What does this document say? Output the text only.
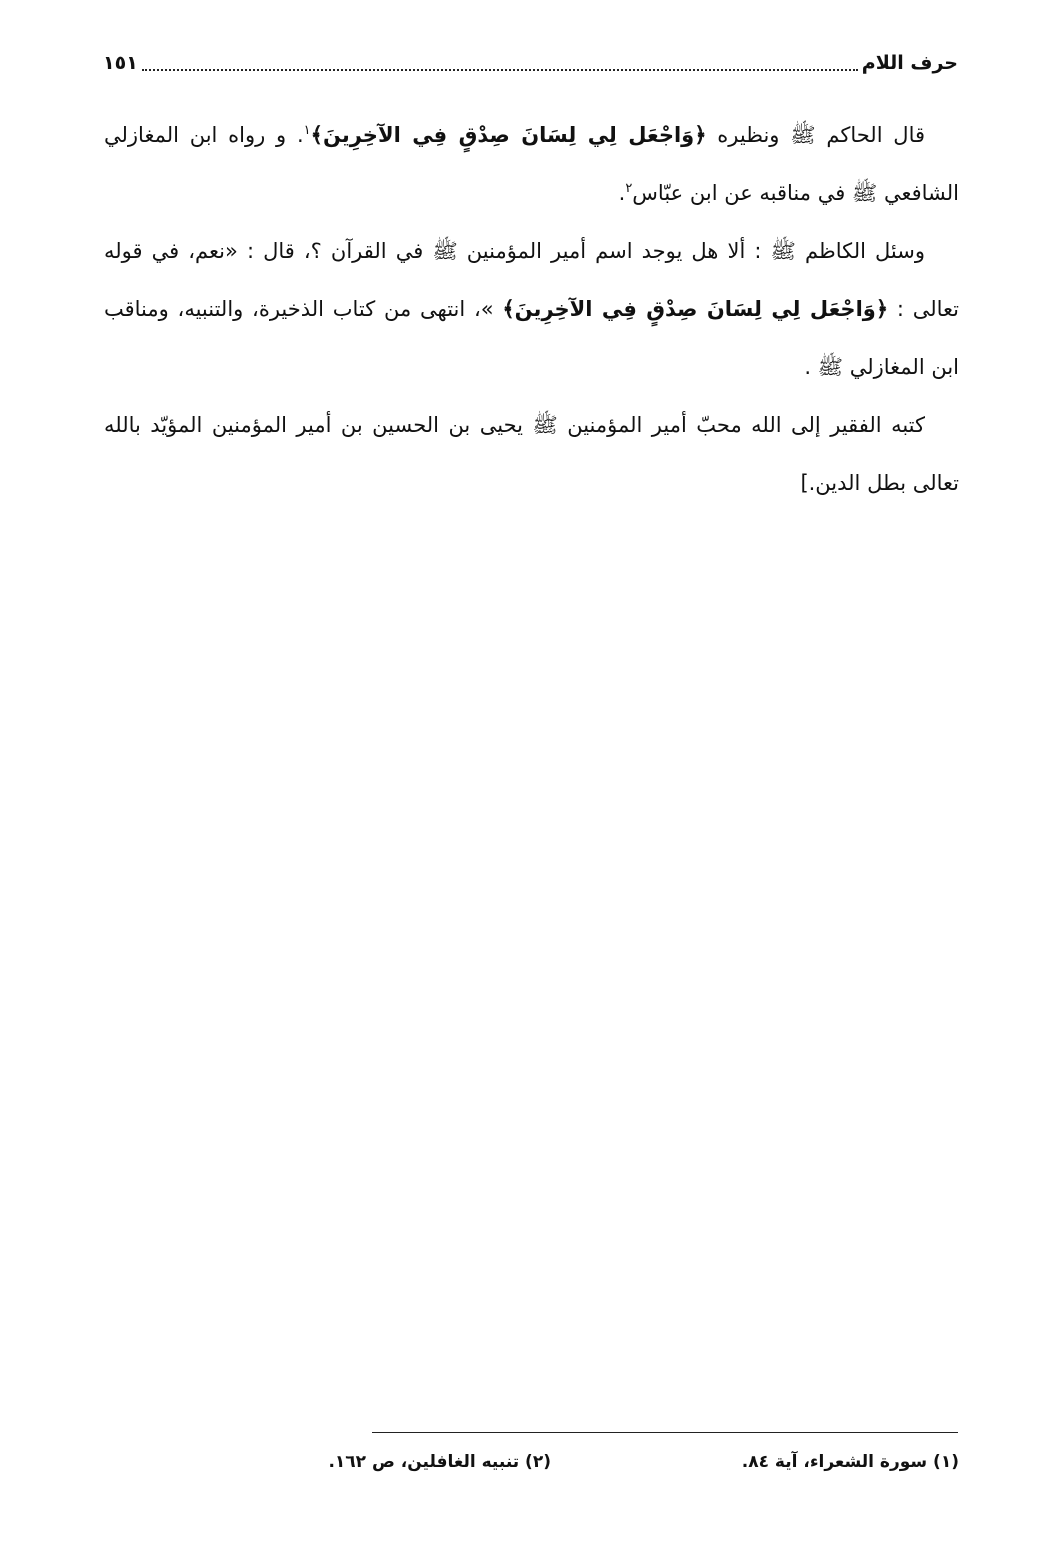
حرف اللام
١٥١

قال الحاكم ﷺ ونظيره ﴿وَاجْعَل لِي لِسَانَ صِدْقٍ فِي الآخِرِينَ﴾$^١$. و رواه ابن المغازلي الشافعي ﷺ في مناقبه عن ابن عبّاس$^٢$.

وسئل الكاظم ﷺ : ألا هل يوجد اسم أمير المؤمنين ﷺ في القرآن ؟، قال : «نعم، في قوله تعالى : ﴿وَاجْعَل لِي لِسَانَ صِدْقٍ فِي الآخِرِينَ﴾ »، انتهى من كتاب الذخيرة، والتنبيه، ومناقب ابن المغازلي ﷺ .

كتبه الفقير إلى الله محبّ أمير المؤمنين ﷺ يحيى بن الحسين بن أمير المؤمنين المؤيّد بالله تعالى بطل الدين.]

(١) سورة الشعراء، آية ٨٤.
(٢) تنبيه الغافلين، ص ١٦٢.
